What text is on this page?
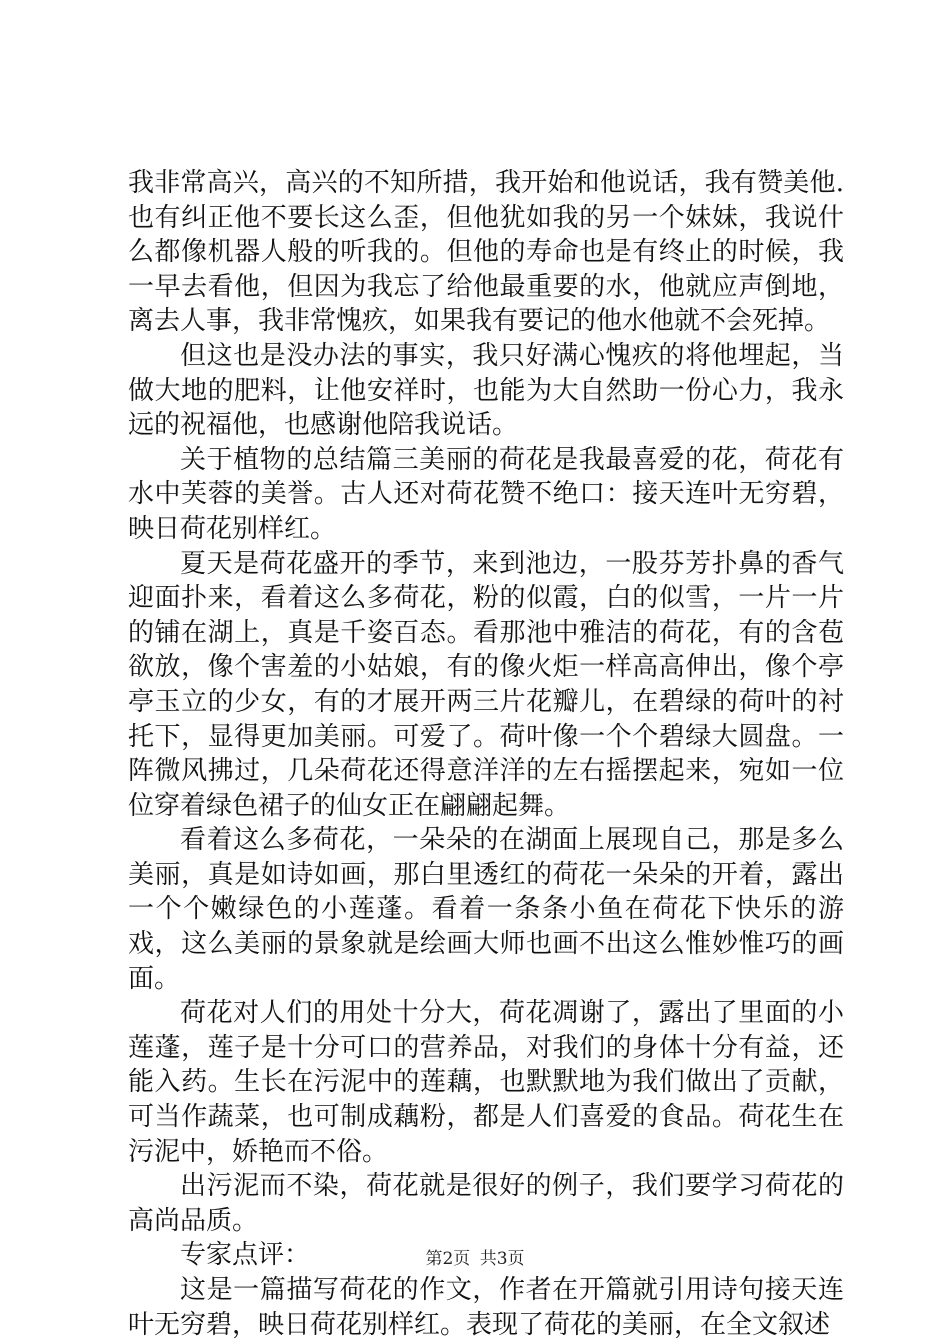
我非常高兴，高兴的不知所措，我开始和他说话，我有赞美他.也有纠正他不要长这么歪，但他犹如我的另一个妹妹，我说什么都像机器人般的听我的。但他的寿命也是有终止的时候，我一早去看他，但因为我忘了给他最重要的水，他就应声倒地，离去人事，我非常愧疚，如果我有要记的他水他就不会死掉。

但这也是没办法的事实，我只好满心愧疚的将他埋起，当做大地的肥料，让他安祥时，也能为大自然助一份心力，我永远的祝福他，也感谢他陪我说话。

关于植物的总结篇三美丽的荷花是我最喜爱的花，荷花有水中芙蓉的美誉。古人还对荷花赞不绝口：接天连叶无穷碧，映日荷花别样红。

夏天是荷花盛开的季节，来到池边，一股芬芳扑鼻的香气迎面扑来，看着这么多荷花，粉的似霞，白的似雪，一片一片的铺在湖上，真是千姿百态。看那池中雅洁的荷花，有的含苞欲放，像个害羞的小姑娘，有的像火炬一样高高伸出，像个亭亭玉立的少女，有的才展开两三片花瓣儿，在碧绿的荷叶的衬托下，显得更加美丽。可爱了。荷叶像一个个碧绿大圆盘。一阵微风拂过，几朵荷花还得意洋洋的左右摇摆起来，宛如一位位穿着绿色裙子的仙女正在翩翩起舞。

看着这么多荷花，一朵朵的在湖面上展现自己，那是多么美丽，真是如诗如画，那白里透红的荷花一朵朵的开着，露出一个个嫩绿色的小莲蓬。看着一条条小鱼在荷花下快乐的游戏，这么美丽的景象就是绘画大师也画不出这么惟妙惟巧的画面。

荷花对人们的用处十分大，荷花凋谢了，露出了里面的小莲蓬，莲子是十分可口的营养品，对我们的身体十分有益，还能入药。生长在污泥中的莲藕，也默默地为我们做出了贡献，可当作蔬菜，也可制成藕粉，都是人们喜爱的食品。荷花生在污泥中，娇艳而不俗。

出污泥而不染，荷花就是很好的例子，我们要学习荷花的高尚品质。

专家点评：

这是一篇描写荷花的作文，作者在开篇就引用诗句接天连叶无穷碧，映日荷花别样红。表现了荷花的美丽，在全文叙述

第2页 共3页
